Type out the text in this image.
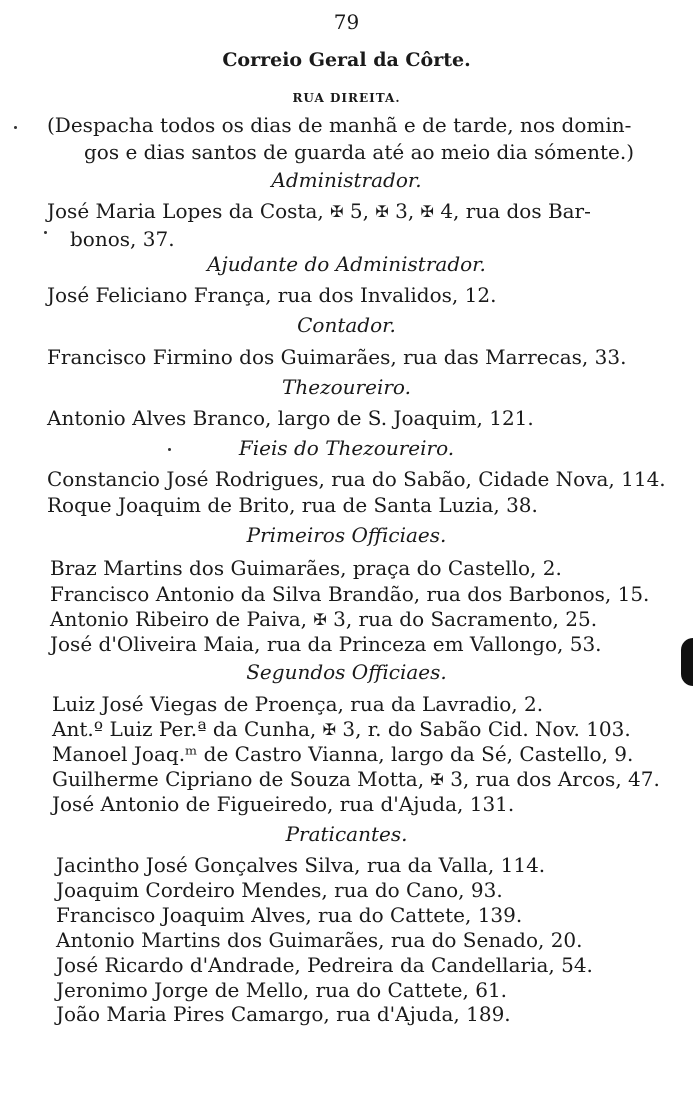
79
Correio Geral da Côrte.
RUA DIREITA.
(Despacha todos os dias de manhã e de tarde, nos domin-
gos e dias santos de guarda até ao meio dia sómente.)
Administrador.
José Maria Lopes da Costa, ✠ 5, ✠ 3, ✠ 4, rua dos Bar-
bonos, 37.
Ajudante do Administrador.
José Feliciano França, rua dos Invalidos, 12.
Contador.
Francisco Firmino dos Guimarães, rua das Marrecas, 33.
Thezoureiro.
Antonio Alves Branco, largo de S. Joaquim, 121.
Fieis do Thezoureiro.
Constancio José Rodrigues, rua do Sabão, Cidade Nova, 114.
Roque Joaquim de Brito, rua de Santa Luzia, 38.
Primeiros Officiaes.
Braz Martins dos Guimarães, praça do Castello, 2.
Francisco Antonio da Silva Brandão, rua dos Barbonos, 15.
Antonio Ribeiro de Paiva, ✠ 3, rua do Sacramento, 25.
José d'Oliveira Maia, rua da Princeza em Vallongo, 53.
Segundos Officiaes.
Luiz José Viegas de Proença, rua da Lavradio, 2.
Ant.º Luiz Per.ª da Cunha, ✠ 3, r. do Sabão Cid. Nov. 103.
Manoel Joaq.ᵐ de Castro Vianna, largo da Sé, Castello, 9.
Guilherme Cipriano de Souza Motta, ✠ 3, rua dos Arcos, 47.
José Antonio de Figueiredo, rua d'Ajuda, 131.
Praticantes.
Jacintho José Gonçalves Silva, rua da Valla, 114.
Joaquim Cordeiro Mendes, rua do Cano, 93.
Francisco Joaquim Alves, rua do Cattete, 139.
Antonio Martins dos Guimarães, rua do Senado, 20.
José Ricardo d'Andrade, Pedreira da Candellaria, 54.
Jeronimo Jorge de Mello, rua do Cattete, 61.
João Maria Pires Camargo, rua d'Ajuda, 189.
